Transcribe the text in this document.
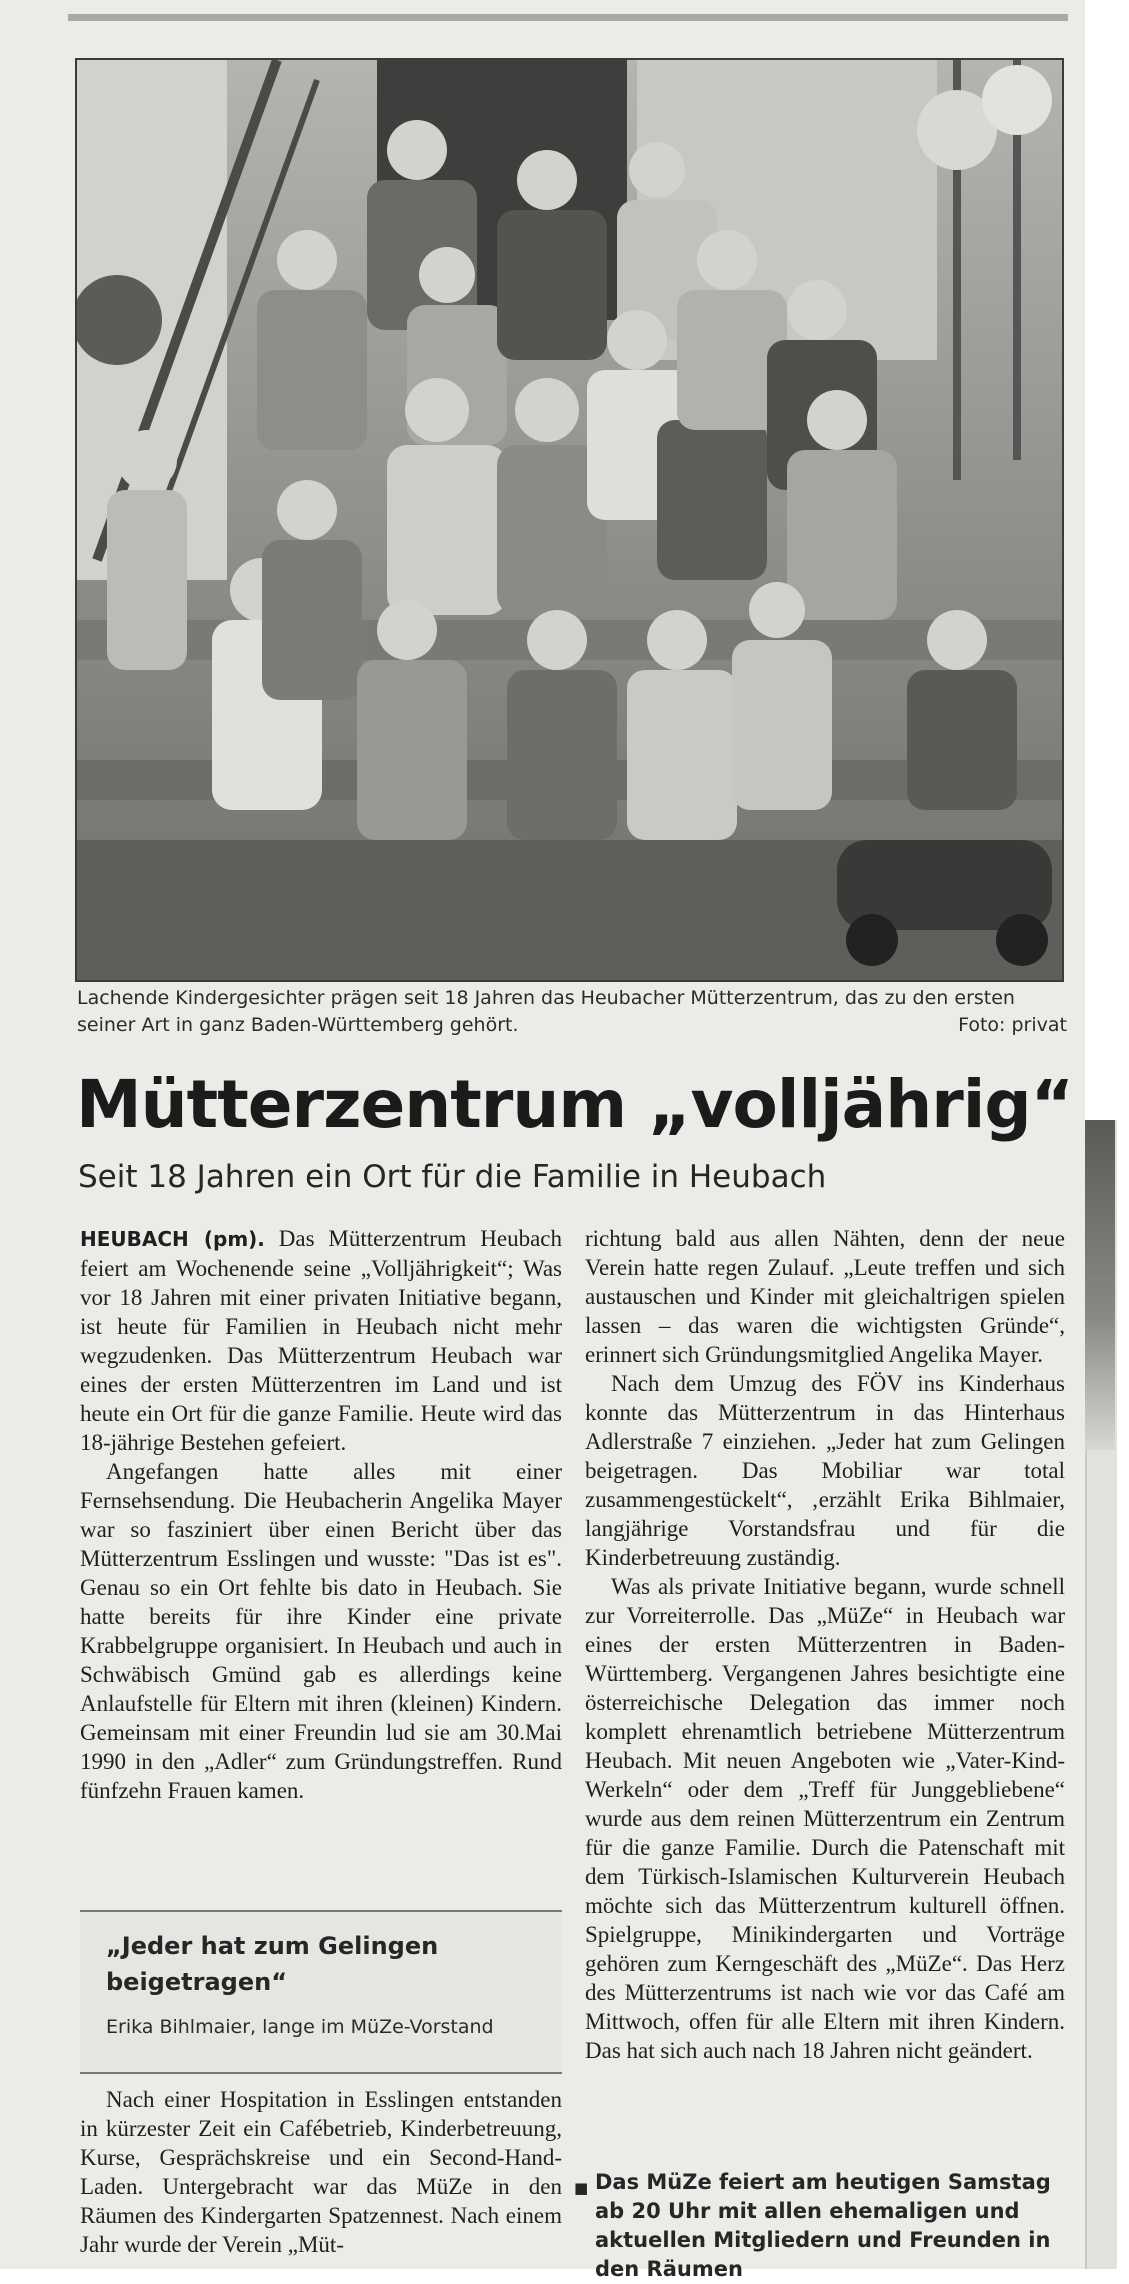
Lachende Kindergesichter prägen seit 18 Jahren das Heubacher Mütterzentrum, das zu den ersten seiner Art in ganz Baden-Württemberg gehört.	Foto: privat
Mütterzentrum „volljährig“
Seit 18 Jahren ein Ort für die Familie in Heubach

HEUBACH (pm). Das Mütterzentrum Heubach feiert am Wochenende seine „Volljährigkeit“; Was vor 18 Jahren mit einer privaten Initiative begann, ist heute für Familien in Heubach nicht mehr wegzudenken. Das Mütterzentrum Heubach war eines der ersten Mütterzentren im Land und ist heute ein Ort für die ganze Familie. Heute wird das 18-jährige Bestehen gefeiert.

Angefangen hatte alles mit einer Fernsehsendung. Die Heubacherin Angelika Mayer war so fasziniert über einen Bericht über das Mütterzentrum Esslingen und wusste: "Das ist es". Genau so ein Ort fehlte bis dato in Heubach. Sie hatte bereits für ihre Kinder eine private Krabbelgruppe organisiert. In Heubach und auch in Schwäbisch Gmünd gab es allerdings keine Anlaufstelle für Eltern mit ihren (kleinen) Kindern. Gemeinsam mit einer Freundin lud sie am 30.Mai 1990 in den „Adler“ zum Gründungstreffen. Rund fünfzehn Frauen kamen.

„Jeder hat zum Gelingen beigetragen“
Erika Bihlmaier, lange im MüZe-Vorstand

Nach einer Hospitation in Esslingen entstanden in kürzester Zeit ein Cafébetrieb, Kinderbetreuung, Kurse, Gesprächskreise und ein Second-Hand-Laden. Untergebracht war das MüZe in den Räumen des Kindergarten Spatzennest. Nach einem Jahr wurde der Verein „Müt-

richtung bald aus allen Nähten, denn der neue Verein hatte regen Zulauf. „Leute treffen und sich austauschen und Kinder mit gleichaltrigen spielen lassen – das waren die wichtigsten Gründe“, erinnert sich Gründungsmitglied Angelika Mayer.

Nach dem Umzug des FÖV ins Kinderhaus konnte das Mütterzentrum in das Hinterhaus Adlerstraße 7 einziehen. „Jeder hat zum Gelingen beigetragen. Das Mobiliar war total zusammengestückelt“, ‚erzählt Erika Bihlmaier, langjährige Vorstandsfrau und für die Kinderbetreuung zuständig.

Was als private Initiative begann, wurde schnell zur Vorreiterrolle. Das „MüZe“ in Heubach war eines der ersten Mütterzentren in Baden-Württemberg. Vergangenen Jahres besichtigte eine österreichische Delegation das immer noch komplett ehrenamtlich betriebene Mütterzentrum Heubach. Mit neuen Angeboten wie „Vater-Kind-Werkeln“ oder dem „Treff für Junggebliebene“ wurde aus dem reinen Mütterzentrum ein Zentrum für die ganze Familie. Durch die Patenschaft mit dem Türkisch-Islamischen Kulturverein Heubach möchte sich das Mütterzentrum kulturell öffnen. Spielgruppe, Minikindergarten und Vorträge gehören zum Kerngeschäft des „MüZe“. Das Herz des Mütterzentrums ist nach wie vor das Café am Mittwoch, offen für alle Eltern mit ihren Kindern. Das hat sich auch nach 18 Jahren nicht geändert.

■ Das MüZe feiert am heutigen Samstag ab 20 Uhr mit allen ehemaligen und aktuellen Mitgliedern und Freunden in den Räumen
